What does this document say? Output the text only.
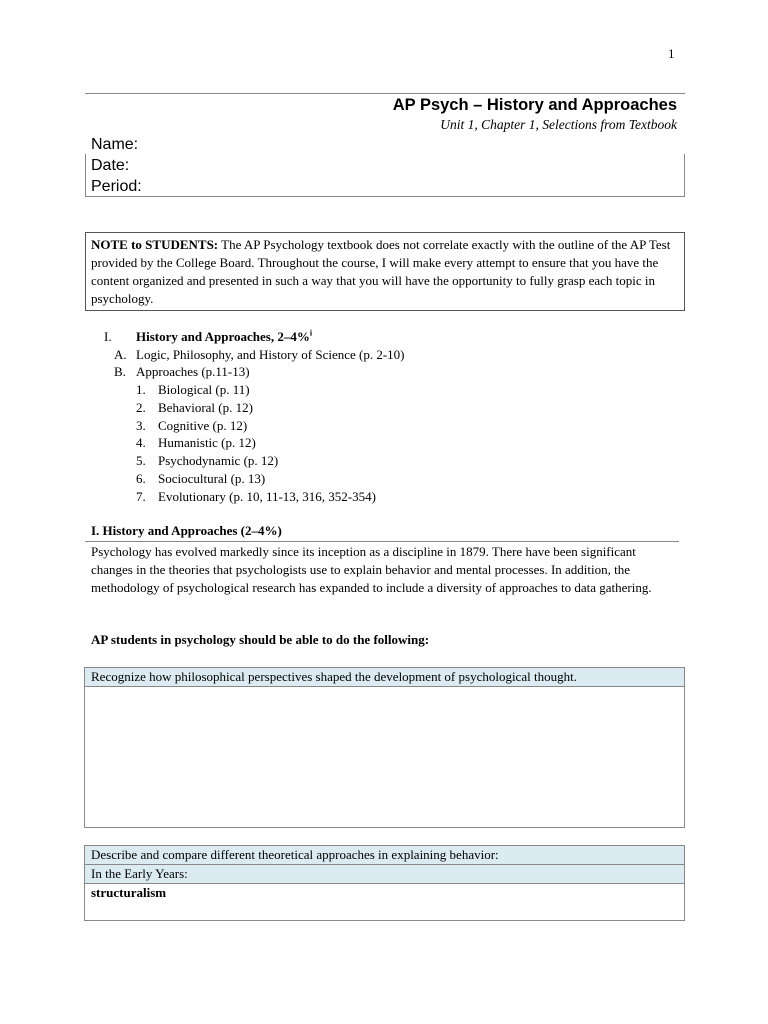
1
AP Psych – History and Approaches
Unit 1, Chapter 1, Selections from Textbook
Name:
Date:
Period:
NOTE to STUDENTS: The AP Psychology textbook does not correlate exactly with the outline of the AP Test provided by the College Board. Throughout the course, I will make every attempt to ensure that you have the content organized and presented in such a way that you will have the opportunity to fully grasp each topic in psychology.
I. History and Approaches, 2–4%$^i$
A. Logic, Philosophy, and History of Science (p. 2-10)
B. Approaches (p.11-13)
1. Biological (p. 11)
2. Behavioral (p. 12)
3. Cognitive (p. 12)
4. Humanistic (p. 12)
5. Psychodynamic (p. 12)
6. Sociocultural (p. 13)
7. Evolutionary (p. 10, 11-13, 316, 352-354)
I. History and Approaches (2–4%)
Psychology has evolved markedly since its inception as a discipline in 1879. There have been significant changes in the theories that psychologists use to explain behavior and mental processes. In addition, the methodology of psychological research has expanded to include a diversity of approaches to data gathering.
AP students in psychology should be able to do the following:
Recognize how philosophical perspectives shaped the development of psychological thought.
Describe and compare different theoretical approaches in explaining behavior:
In the Early Years:
structuralism
